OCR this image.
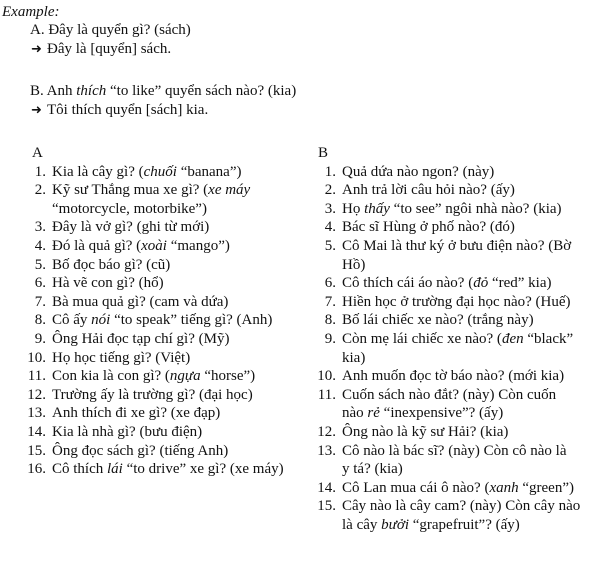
Example:
A. Đây là quyển gì? (sách)
➜ Đây là [quyển] sách.
B. Anh thích “to like” quyển sách nào? (kia)
➜ Tôi thích quyển [sách] kia.
A
1. Kia là cây gì? (chuối “banana”)
2. Kỹ sư Thắng mua xe gì? (xe máy
“motorcycle, motorbike”)
3. Đây là vở gì? (ghi từ mới)
4. Đó là quả gì? (xoài “mango”)
5. Bố đọc báo gì? (cũ)
6. Hà vẽ con gì? (hổ)
7. Bà mua quả gì? (cam và dứa)
8. Cô ấy nói “to speak” tiếng gì? (Anh)
9. Ông Hải đọc tạp chí gì? (Mỹ)
10. Họ học tiếng gì? (Việt)
11. Con kia là con gì? (ngựa “horse”)
12. Trường ấy là trường gì? (đại học)
13. Anh thích đi xe gì? (xe đạp)
14. Kia là nhà gì? (bưu điện)
15. Ông đọc sách gì? (tiếng Anh)
16. Cô thích lái “to drive” xe gì? (xe máy)
B
1. Quả dứa nào ngon? (này)
2. Anh trả lời câu hỏi nào? (ấy)
3. Họ thấy “to see” ngôi nhà nào? (kia)
4. Bác sĩ Hùng ở phố nào? (đó)
5. Cô Mai là thư ký ở bưu điện nào? (Bờ
Hồ)
6. Cô thích cái áo nào? (đỏ “red” kia)
7. Hiền học ở trường đại học nào? (Huế)
8. Bố lái chiếc xe nào? (trắng này)
9. Còn mẹ lái chiếc xe nào? (đen “black”
kia)
10. Anh muốn đọc tờ báo nào? (mới kia)
11. Cuốn sách nào đắt? (này) Còn cuốn
nào rẻ “inexpensive”? (ấy)
12. Ông nào là kỹ sư Hải? (kia)
13. Cô nào là bác sĩ? (này) Còn cô nào là
y tá? (kia)
14. Cô Lan mua cái ô nào? (xanh “green”)
15. Cây nào là cây cam? (này) Còn cây nào
là cây bưởi “grapefruit”? (ấy)
